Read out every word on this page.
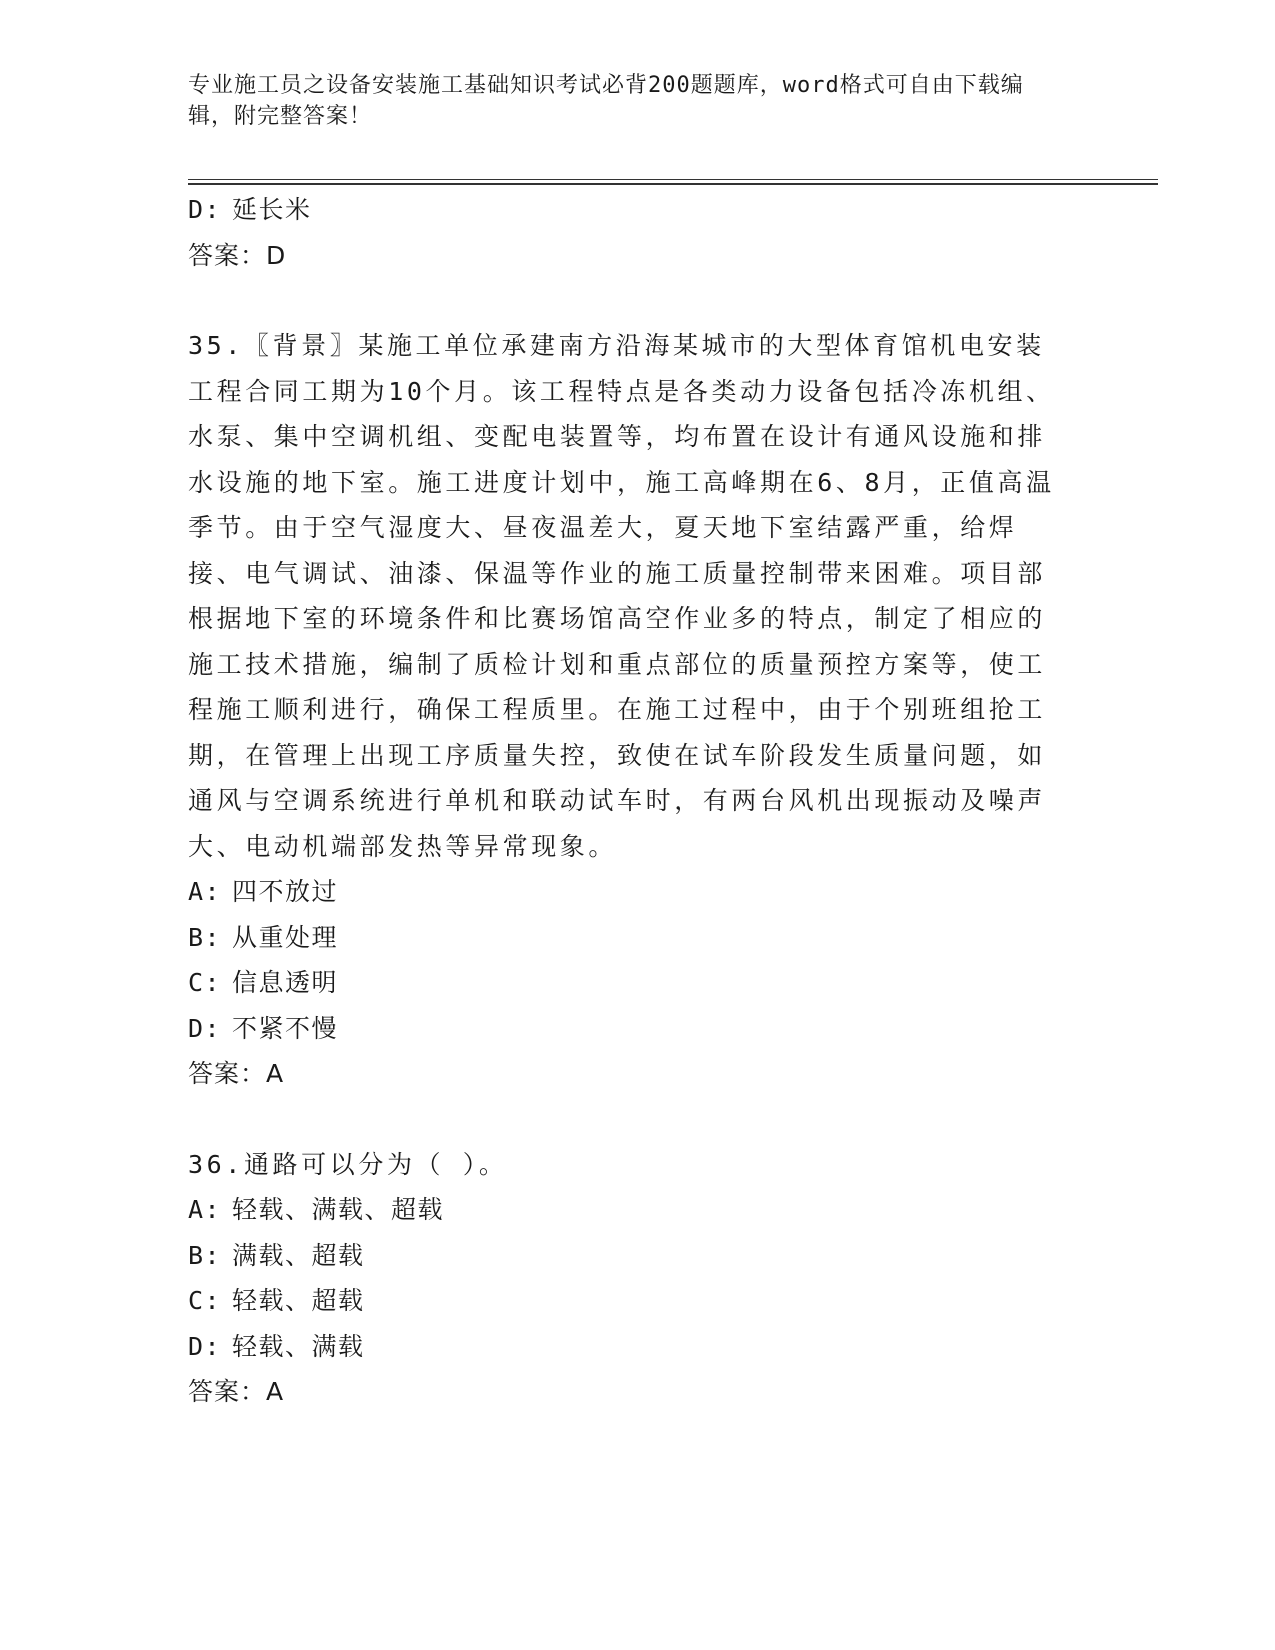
专业施工员之设备安装施工基础知识考试必背200题题库，word格式可自由下载编辑，附完整答案！
D: 延长米
答案：D
35.〖背景〗某施工单位承建南方沿海某城市的大型体育馆机电安装工程合同工期为10个月。该工程特点是各类动力设备包括冷冻机组、水泵、集中空调机组、变配电装置等，均布置在设计有通风设施和排水设施的地下室。施工进度计划中，施工高峰期在6、8月，正值高温季节。由于空气湿度大、昼夜温差大，夏天地下室结露严重，给焊接、电气调试、油漆、保温等作业的施工质量控制带来困难。项目部根据地下室的环境条件和比赛场馆高空作业多的特点，制定了相应的施工技术措施，编制了质检计划和重点部位的质量预控方案等，使工程施工顺利进行，确保工程质里。在施工过程中，由于个别班组抢工期，在管理上出现工序质量失控，致使在试车阶段发生质量问题，如通风与空调系统进行单机和联动试车时，有两台风机出现振动及噪声大、电动机端部发热等异常现象。
A: 四不放过
B: 从重处理
C: 信息透明
D: 不紧不慢
答案：A
36.通路可以分为（ ）。
A: 轻载、满载、超载
B: 满载、超载
C: 轻载、超载
D: 轻载、满载
答案：A
